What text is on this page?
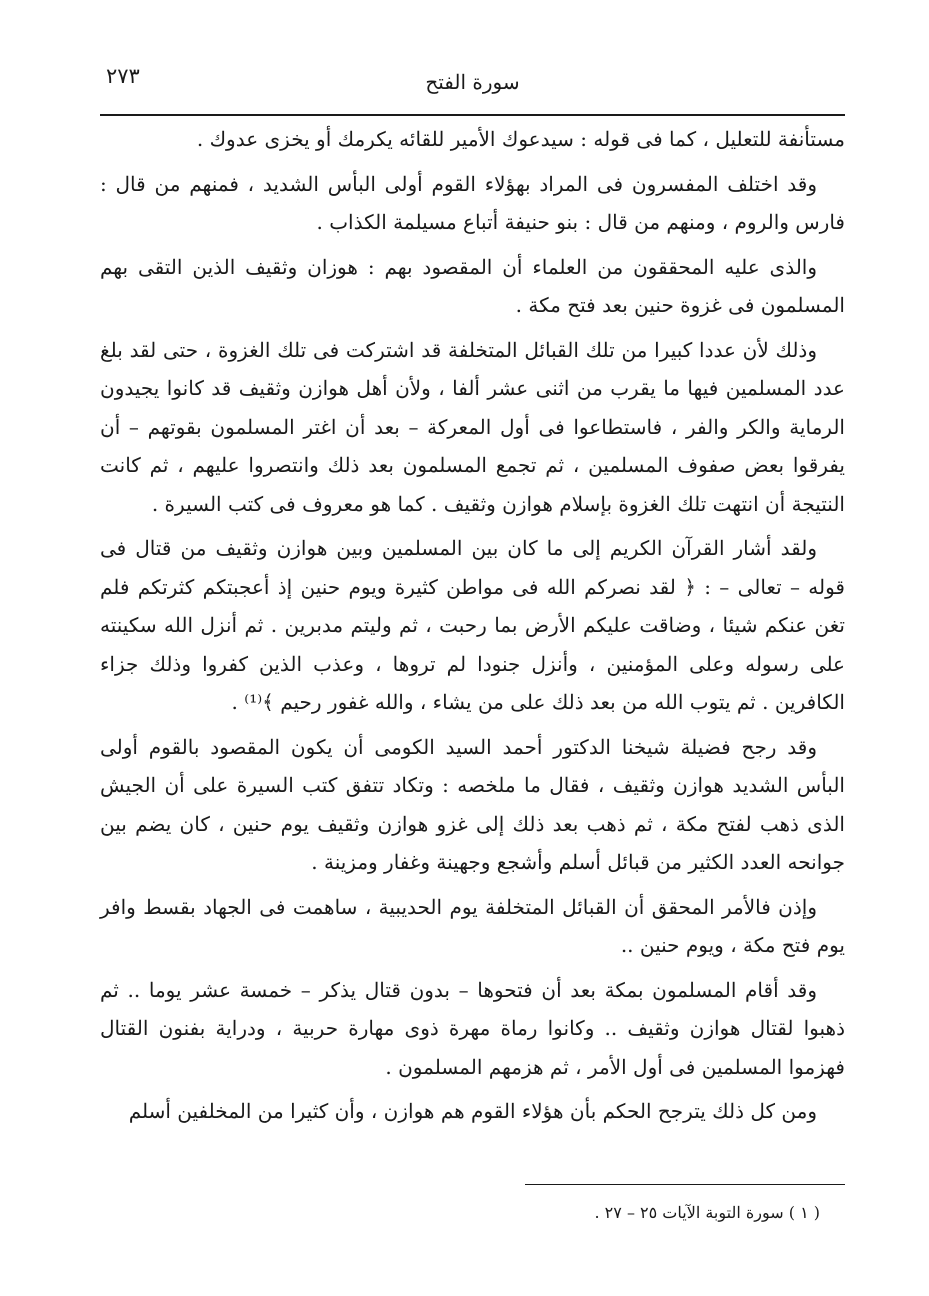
سورة الفتح
٢٧٣

مستأنفة للتعليل ، كما فى قوله : سيدعوك الأمير للقائه يكرمك أو يخزى عدوك .

وقد اختلف المفسرون فى المراد بهؤلاء القوم أولى البأس الشديد ، فمنهم من قال : فارس والروم ، ومنهم من قال : بنو حنيفة أتباع مسيلمة الكذاب .

والذى عليه المحققون من العلماء أن المقصود بهم : هوزان وثقيف الذين التقى بهم المسلمون فى غزوة حنين بعد فتح مكة .

وذلك لأن عددا كبيرا من تلك القبائل المتخلفة قد اشتركت فى تلك الغزوة ، حتى لقد بلغ عدد المسلمين فيها ما يقرب من اثنى عشر ألفا ، ولأن أهل هوازن وثقيف قد كانوا يجيدون الرماية والكر والفر ، فاستطاعوا فى أول المعركة – بعد أن اغتر المسلمون بقوتهم – أن يفرقوا بعض صفوف المسلمين ، ثم تجمع المسلمون بعد ذلك وانتصروا عليهم ، ثم كانت النتيجة أن انتهت تلك الغزوة بإسلام هوازن وثقيف . كما هو معروف فى كتب السيرة .

ولقد أشار القرآن الكريم إلى ما كان بين المسلمين وبين هوازن وثقيف من قتال فى قوله – تعالى – : ﴿ لقد نصركم الله فى مواطن كثيرة ويوم حنين إذ أعجبتكم كثرتكم فلم تغن عنكم شيئا ، وضاقت عليكم الأرض بما رحبت ، ثم وليتم مدبرين . ثم أنزل الله سكينته على رسوله وعلى المؤمنين ، وأنزل جنودا لم تروها ، وعذب الذين كفروا وذلك جزاء الكافرين . ثم يتوب الله من بعد ذلك على من يشاء ، والله غفور رحيم ﴾⁽¹⁾ .

وقد رجح فضيلة شيخنا الدكتور أحمد السيد الكومى أن يكون المقصود بالقوم أولى البأس الشديد هوازن وثقيف ، فقال ما ملخصه : وتكاد تتفق كتب السيرة على أن الجيش الذى ذهب لفتح مكة ، ثم ذهب بعد ذلك إلى غزو هوازن وثقيف يوم حنين ، كان يضم بين جوانحه العدد الكثير من قبائل أسلم وأشجع وجهينة وغفار ومزينة .

وإذن فالأمر المحقق أن القبائل المتخلفة يوم الحديبية ، ساهمت فى الجهاد بقسط وافر يوم فتح مكة ، ويوم حنين ..

وقد أقام المسلمون بمكة بعد أن فتحوها – بدون قتال يذكر – خمسة عشر يوما .. ثم ذهبوا لقتال هوازن وثقيف .. وكانوا رماة مهرة ذوى مهارة حربية ، ودراية بفنون القتال فهزموا المسلمين فى أول الأمر ، ثم هزمهم المسلمون .

ومن كل ذلك يترجح الحكم بأن هؤلاء القوم هم هوازن ، وأن كثيرا من المخلفين أسلم

( ١ ) سورة التوبة الآيات ٢٥ – ٢٧ .
